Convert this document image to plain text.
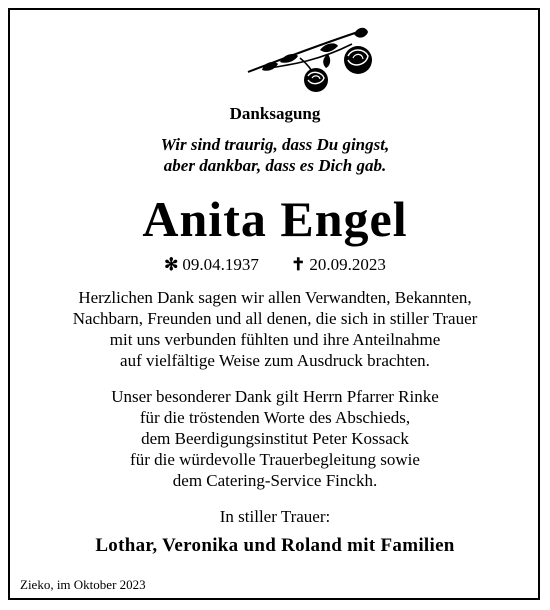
Danksagung
Wir sind traurig, dass Du gingst,
aber dankbar, dass es Dich gab.
Anita Engel
✻ 09.04.1937 ✝ 20.09.2023
Herzlichen Dank sagen wir allen Verwandten, Bekannten,
Nachbarn, Freunden und all denen, die sich in stiller Trauer
mit uns verbunden fühlten und ihre Anteilnahme
auf vielfältige Weise zum Ausdruck brachten.
Unser besonderer Dank gilt Herrn Pfarrer Rinke
für die tröstenden Worte des Abschieds,
dem Beerdigungsinstitut Peter Kossack
für die würdevolle Trauerbegleitung sowie
dem Catering-Service Finckh.
In stiller Trauer:
Lothar, Veronika und Roland mit Familien
Zieko, im Oktober 2023
